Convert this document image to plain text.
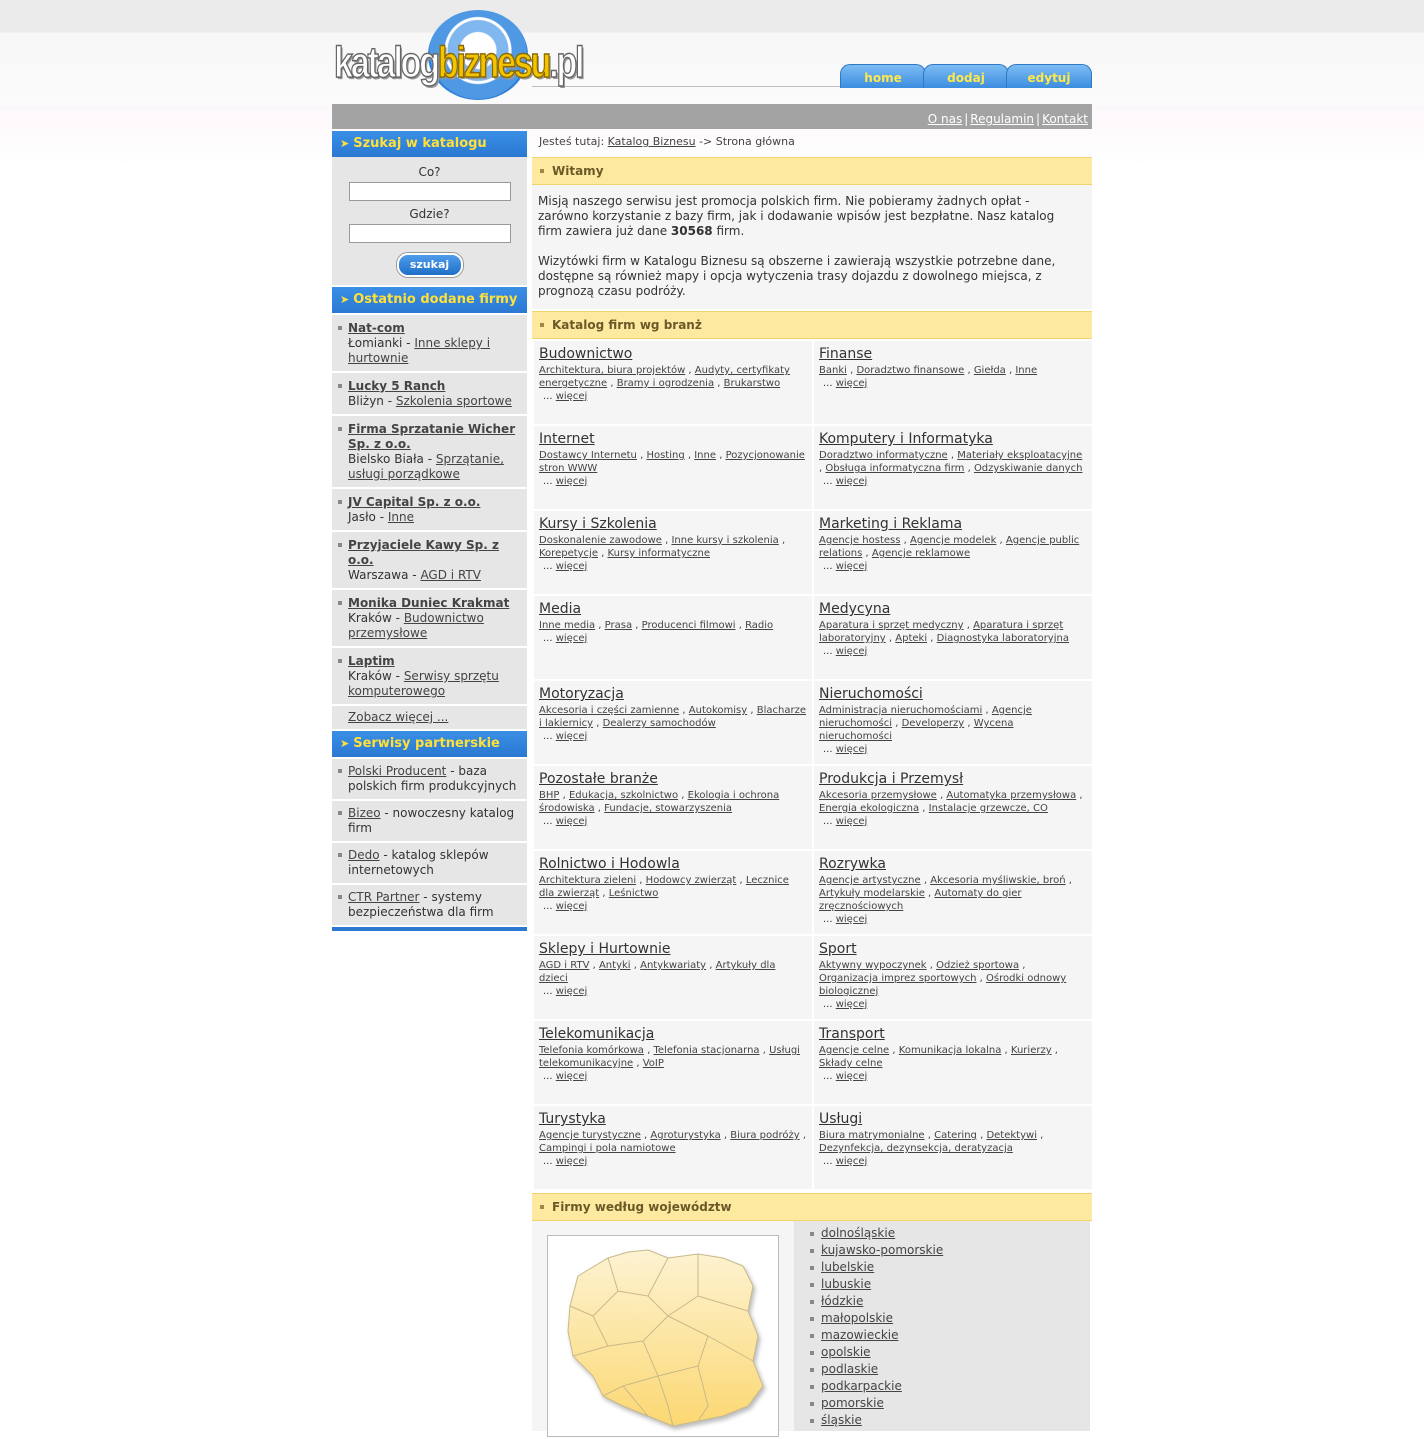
katalogbiznesu.pl	home	dodaj	edytuj
O nas | Regulamin | Kontakt
➤ Szukaj w katalogu
Co?
Gdzie?
szukaj
➤ Ostatnio dodane firmy
Nat-com
Łomianki - Inne sklepy i hurtownie
Lucky 5 Ranch
Bliżyn - Szkolenia sportowe
Firma Sprzatanie Wicher Sp. z o.o.
Bielsko Biała - Sprzątanie, usługi porządkowe
JV Capital Sp. z o.o.
Jasło - Inne
Przyjaciele Kawy Sp. z o.o.
Warszawa - AGD i RTV
Monika Duniec Krakmat
Kraków - Budownictwo przemysłowe
Laptim
Kraków - Serwisy sprzętu komputerowego
Zobacz więcej ...
➤ Serwisy partnerskie
Polski Producent - baza polskich firm produkcyjnych
Bizeo - nowoczesny katalog firm
Dedo - katalog sklepów internetowych
CTR Partner - systemy bezpieczeństwa dla firm
Jesteś tutaj: Katalog Biznesu -> Strona główna
Witamy

Misją naszego serwisu jest promocja polskich firm. Nie pobieramy żadnych opłat - zarówno korzystanie z bazy firm, jak i dodawanie wpisów jest bezpłatne. Nasz katalog firm zawiera już dane 30568 firm.

Wizytówki firm w Katalogu Biznesu są obszerne i zawierają wszystkie potrzebne dane, dostępne są również mapy i opcja wytyczenia trasy dojazdu z dowolnego miejsca, z prognozą czasu podróży.

Katalog firm wg branż
Budownictwo
Architektura, biura projektów , Audyty, certyfikaty energetyczne , Bramy i ogrodzenia , Brukarstwo
... więcej
Finanse
Banki , Doradztwo finansowe , Giełda , Inne
... więcej
Internet
Dostawcy Internetu , Hosting , Inne , Pozycjonowanie stron WWW
... więcej
Komputery i Informatyka
Doradztwo informatyczne , Materiały eksploatacyjne , Obsługa informatyczna firm , Odzyskiwanie danych
... więcej
Kursy i Szkolenia
Doskonalenie zawodowe , Inne kursy i szkolenia , Korepetycje , Kursy informatyczne
... więcej
Marketing i Reklama
Agencje hostess , Agencje modelek , Agencje public relations , Agencje reklamowe
... więcej
Media
Inne media , Prasa , Producenci filmowi , Radio
... więcej
Medycyna
Aparatura i sprzęt medyczny , Aparatura i sprzęt laboratoryjny , Apteki , Diagnostyka laboratoryjna
... więcej
Motoryzacja
Akcesoria i części zamienne , Autokomisy , Blacharze i lakiernicy , Dealerzy samochodów
... więcej
Nieruchomości
Administracja nieruchomościami , Agencje nieruchomości , Developerzy , Wycena nieruchomości
... więcej
Pozostałe branże
BHP , Edukacja, szkolnictwo , Ekologia i ochrona środowiska , Fundacje, stowarzyszenia
... więcej
Produkcja i Przemysł
Akcesoria przemysłowe , Automatyka przemysłowa , Energia ekologiczna , Instalacje grzewcze, CO
... więcej
Rolnictwo i Hodowla
Architektura zieleni , Hodowcy zwierząt , Lecznice dla zwierząt , Leśnictwo
... więcej
Rozrywka
Agencje artystyczne , Akcesoria myśliwskie, broń , Artykuły modelarskie , Automaty do gier zręcznościowych
... więcej
Sklepy i Hurtownie
AGD i RTV , Antyki , Antykwariaty , Artykuły dla dzieci
... więcej
Sport
Aktywny wypoczynek , Odzież sportowa , Organizacja imprez sportowych , Ośrodki odnowy biologicznej
... więcej
Telekomunikacja
Telefonia komórkowa , Telefonia stacjonarna , Usługi telekomunikacyjne , VoIP
... więcej
Transport
Agencje celne , Komunikacja lokalna , Kurierzy , Składy celne
... więcej
Turystyka
Agencje turystyczne , Agroturystyka , Biura podróży , Campingi i pola namiotowe
... więcej
Usługi
Biura matrymonialne , Catering , Detektywi , Dezynfekcja, dezynsekcja, deratyzacja
... więcej
Firmy według województw
dolnośląskie
kujawsko-pomorskie
lubelskie
lubuskie
łódzkie
małopolskie
mazowieckie
opolskie
podlaskie
podkarpackie
pomorskie
śląskie
